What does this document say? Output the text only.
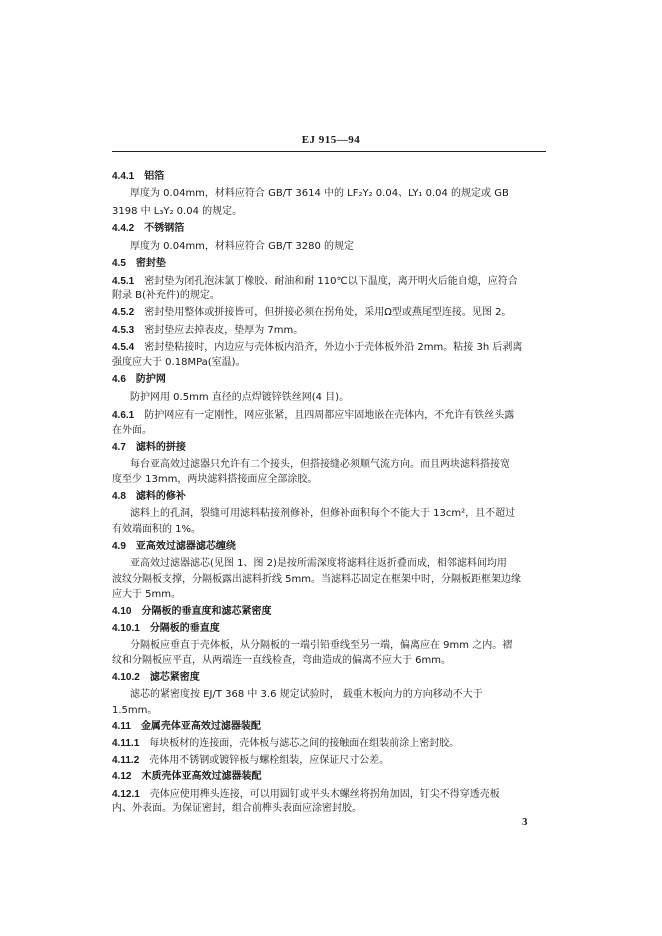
EJ 915—94
4.4.1 铝箔
厚度为 0.04mm，材料应符合 GB/T 3614 中的 LF₂Y₂ 0.04、LY₁ 0.04 的规定或 GB
3198 中 L₃Y₂ 0.04 的规定。
4.4.2 不锈钢箔
厚度为 0.04mm，材料应符合 GB/T 3280 的规定
4.5 密封垫
4.5.1 密封垫为闭孔泡沫氯丁橡胶、耐油和耐 110℃以下温度，离开明火后能自熄，应符合
附录 B(补充件)的规定。
4.5.2 密封垫用整体或拼接皆可，但拼接必须在拐角处，采用Ω型或燕尾型连接。见图 2。
4.5.3 密封垫应去掉表皮，垫厚为 7mm。
4.5.4 密封垫粘接时，内边应与壳体板内沿齐，外边小于壳体板外沿 2mm。粘接 3h 后剥离
强度应大于 0.18MPa(室温)。
4.6 防护网
防护网用 0.5mm 直径的点焊镀锌铁丝网(4 目)。
4.6.1 防护网应有一定刚性，网应张紧，且四周都应牢固地嵌在壳体内，不允许有铁丝头露
在外面。
4.7 滤料的拼接
每台亚高效过滤器只允许有二个接头，但搭接缝必须顺气流方向。而且两块滤料搭接宽
度至少 13mm，两块滤料搭接面应全部涂胶。
4.8 滤料的修补
滤料上的孔洞，裂缝可用滤料粘接剂修补，但修补面积每个不能大于 13cm²，且不超过
有效端面积的 1%。
4.9 亚高效过滤器滤芯缠绕
亚高效过滤器滤芯(见图 1、图 2)是按所需深度将滤料往返折叠而成，相邻滤料间均用
波纹分隔板支撑，分隔板露出滤料折线 5mm。当滤料芯固定在框架中时，分隔板距框架边缘
应大于 5mm。
4.10 分隔板的垂直度和滤芯紧密度
4.10.1 分隔板的垂直度
分隔板应垂直于壳体板，从分隔板的一端引铅垂线至另一端，偏离应在 9mm 之内。褶
纹和分隔板应平直，从两端连一直线检查，弯曲造成的偏离不应大于 6mm。
4.10.2 滤芯紧密度
滤芯的紧密度按 EJ/T 368 中 3.6 规定试验时， 载重木板向力的方向移动不大于
1.5mm。
4.11 金属壳体亚高效过滤器装配
4.11.1 每块板材的连接面，壳体板与滤芯之间的接触面在组装前涂上密封胶。
4.11.2 壳体用不锈钢或镀锌板与螺栓组装，应保证尺寸公差。
4.12 木质壳体亚高效过滤器装配
4.12.1 壳体应使用榫头连接，可以用圆钉或平头木螺丝将拐角加固，钉尖不得穿透壳板
内、外表面。为保证密封，组合前榫头表面应涂密封胶。
3
